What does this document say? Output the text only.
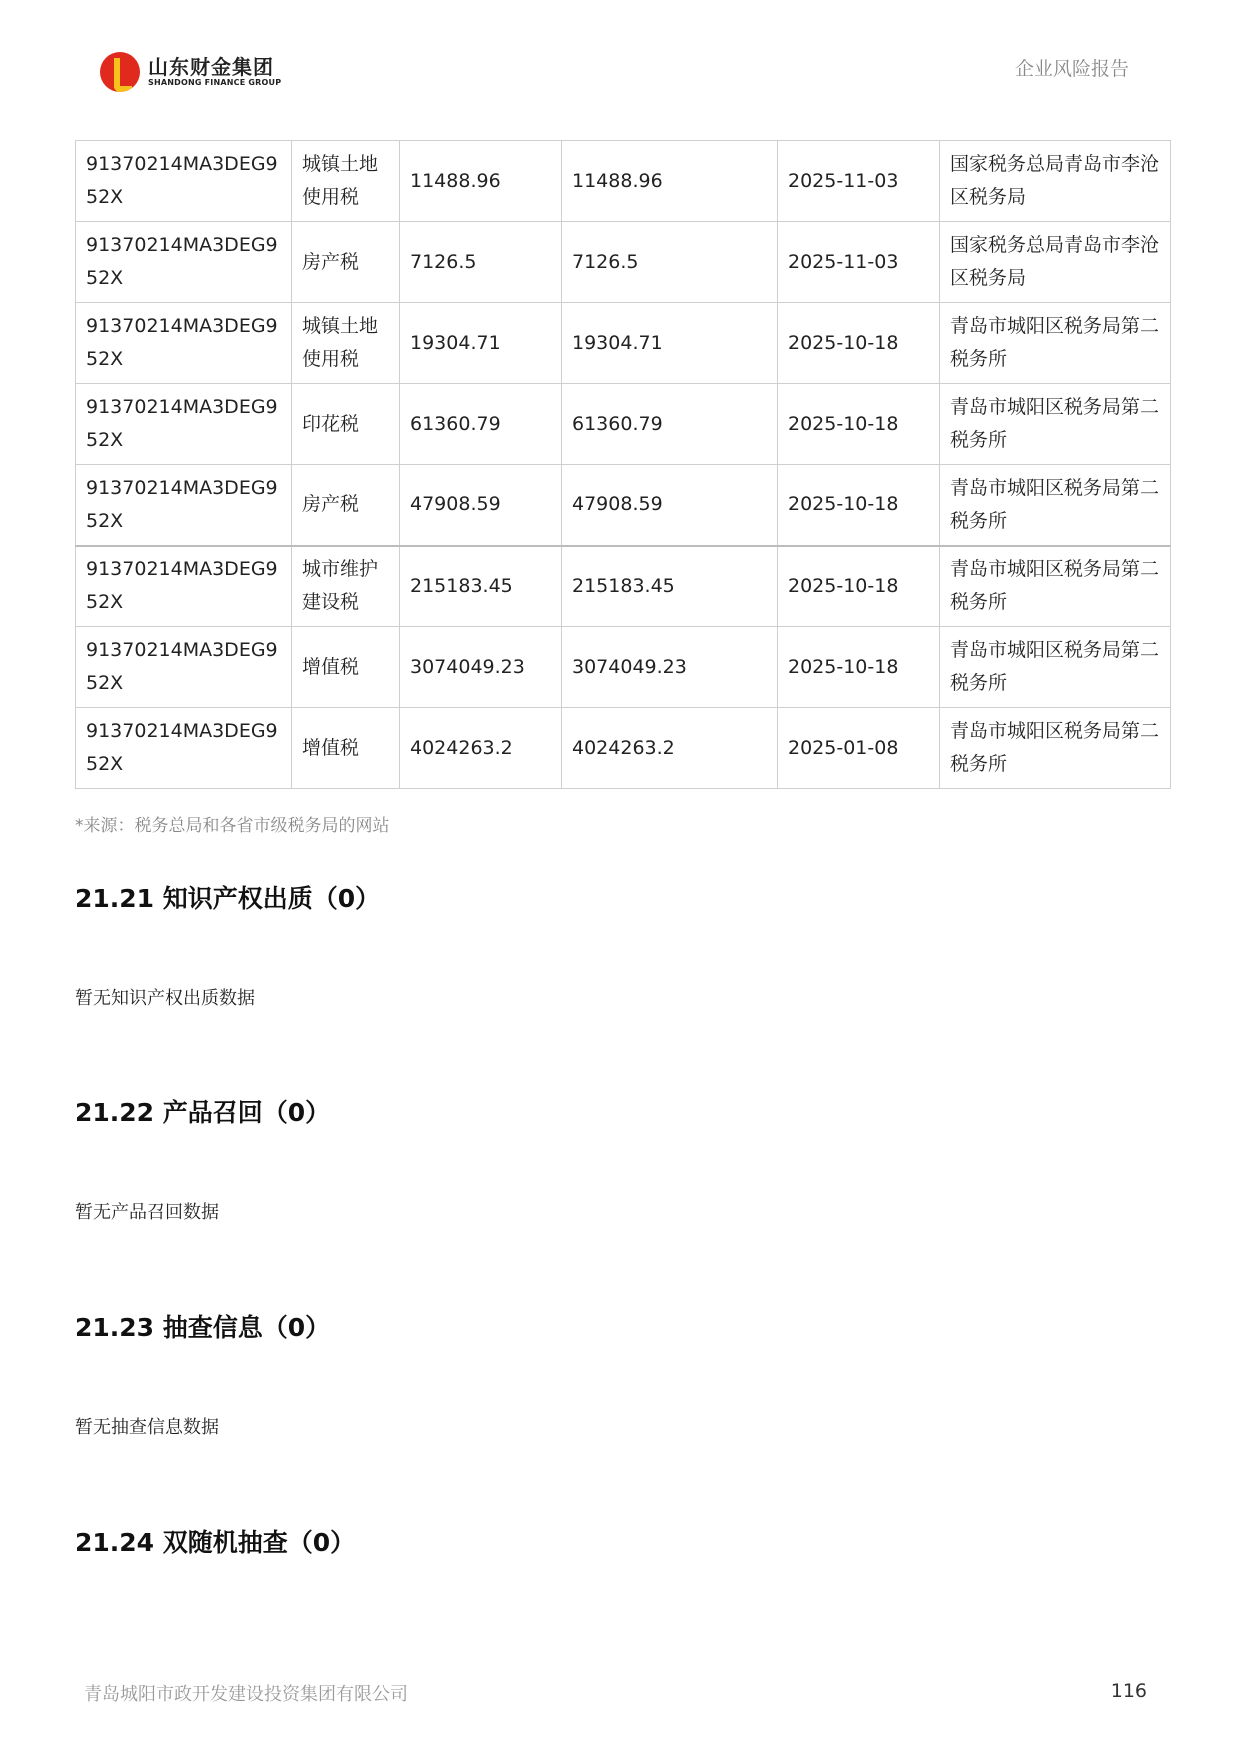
山东财金集团
SHANDONG FINANCE GROUP
企业风险报告
91370214MA3DEG952X	城镇土地使用税	11488.96	11488.96	2025-11-03	国家税务总局青岛市李沧区税务局
91370214MA3DEG952X	房产税	7126.5	7126.5	2025-11-03	国家税务总局青岛市李沧区税务局
91370214MA3DEG952X	城镇土地使用税	19304.71	19304.71	2025-10-18	青岛市城阳区税务局第二税务所
91370214MA3DEG952X	印花税	61360.79	61360.79	2025-10-18	青岛市城阳区税务局第二税务所
91370214MA3DEG952X	房产税	47908.59	47908.59	2025-10-18	青岛市城阳区税务局第二税务所
91370214MA3DEG952X	城市维护建设税	215183.45	215183.45	2025-10-18	青岛市城阳区税务局第二税务所
91370214MA3DEG952X	增值税	3074049.23	3074049.23	2025-10-18	青岛市城阳区税务局第二税务所
91370214MA3DEG952X	增值税	4024263.2	4024263.2	2025-01-08	青岛市城阳区税务局第二税务所
*来源：税务总局和各省市级税务局的网站
21.21 知识产权出质（0）
暂无知识产权出质数据
21.22 产品召回（0）
暂无产品召回数据
21.23 抽查信息（0）
暂无抽查信息数据
21.24 双随机抽查（0）
青岛城阳市政开发建设投资集团有限公司	116
